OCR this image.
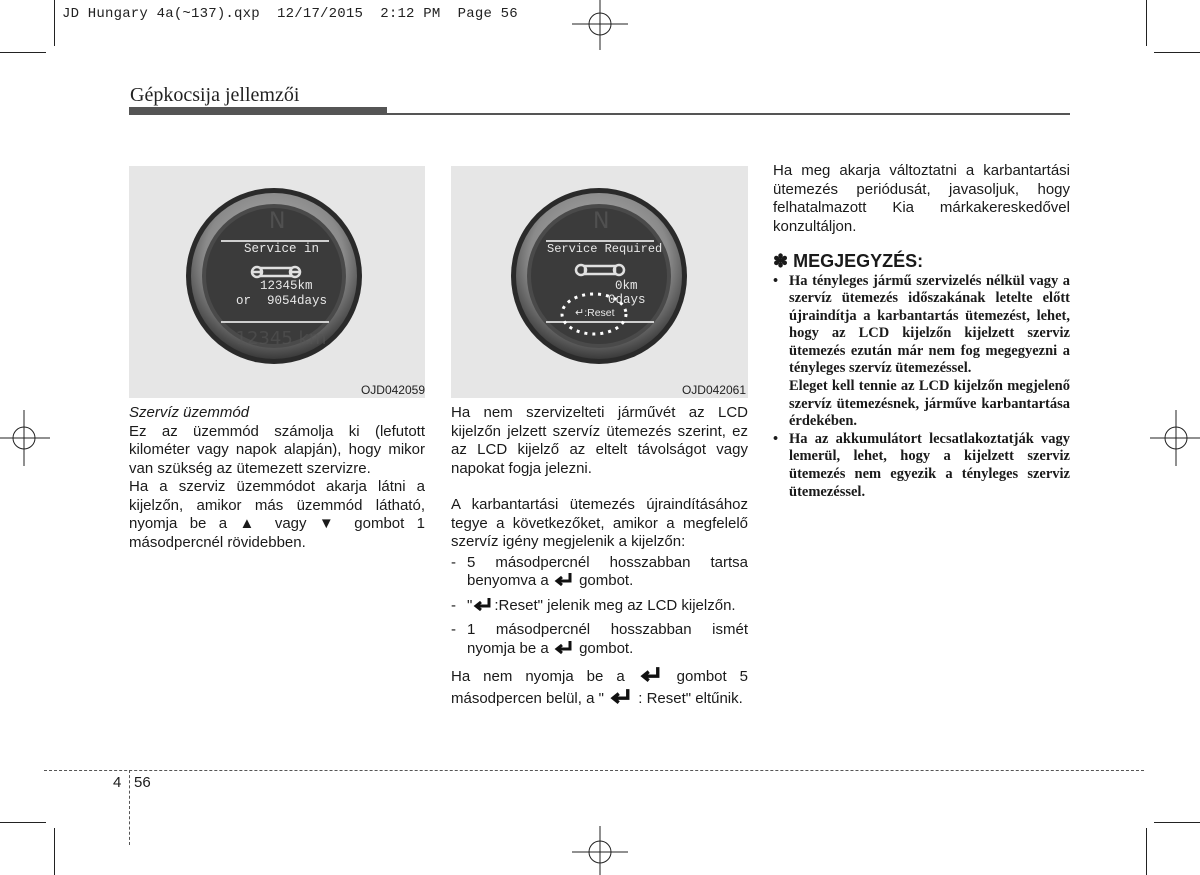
JD Hungary 4a(~137).qxp  12/17/2015  2:12 PM  Page 56
Gépkocsija jellemzői
N
12345 km
Service in
12345km
or 9054days
OJD042059
N
Service Required
0km
0days
↵:Reset
OJD042061

Szervíz üzemmód

Ez az üzemmód számolja ki (lefutott kilométer vagy napok alapján), hogy mikor van szükség az ütemezett szervizre.

Ha a szerviz üzemmódot akarja látni a kijelzőn, amikor más üzemmód látható, nyomja be a ▲ vagy ▼ gombot 1 másodpercnél rövidebben.

Ha nem szervizelteti járművét az LCD kijelzőn jelzett szervíz ütemezés szerint, ez az LCD kijelző az eltelt távolságot vagy napokat fogja jelezni.

A karbantartási ütemezés újraindításához tegye a következőket, amikor a megfelelő szervíz igény megjelenik a kijelzőn:

- 5 másodpercnél hosszabban tartsa benyomva a gombot.
- " :Reset" jelenik meg az LCD kijelzőn.
- 1 másodpercnél hosszabban ismét nyomja be a gombot.

Ha nem nyomja be a	gombot 5 másodpercen belül, a " : Reset" eltűnik.

Ha meg akarja változtatni a karbantartási ütemezés periódusát, javasoljuk, hogy felhatalmazott Kia márkakereskedővel konzultáljon.

✽ MEGJEGYZÉS:
• Ha tényleges jármű szervizelés nélkül vagy a szervíz ütemezés időszakának letelte előtt újraindítja a karbantartás ütemezést, lehet, hogy az LCD kijelzőn kijelzett szerviz ütemezés ezután már nem fog megegyezni a tényleges szervíz ütemezéssel.
Eleget kell tennie az LCD kijelzőn megjelenő szervíz ütemezésnek, járműve karbantartása érdekében.
• Ha az akkumulátort lecsatlakoztatják vagy lemerül, lehet, hogy a kijelzett szerviz ütemezés nem egyezik a tényleges szerviz ütemezéssel.
4 56
